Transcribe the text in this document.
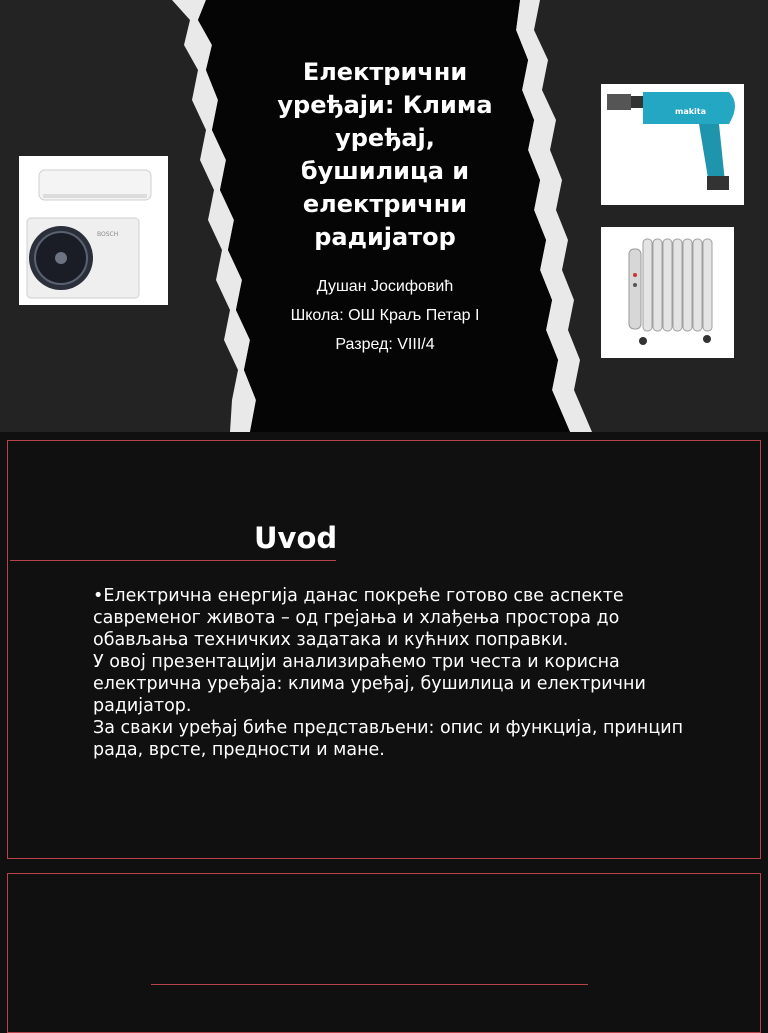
Електрични уређаји: Клима уређај, бушилица и електрични радијатор
Душан Јосифовић
Школа: ОШ Краљ Петар I
Разред: VIII/4
BOSCH
makita
Uvod

•Електрична енергија данас покреће готово све аспекте савременог живота – од грејања и хлађења простора до обављања техничких задатака и кућних поправки.

У овој презентацији анализираћемо три честа и корисна електрична уређаја: клима уређај, бушилица и електрични радијатор.

За сваки уређај биће представљени: опис и функција, принцип рада, врсте, предности и мане.
